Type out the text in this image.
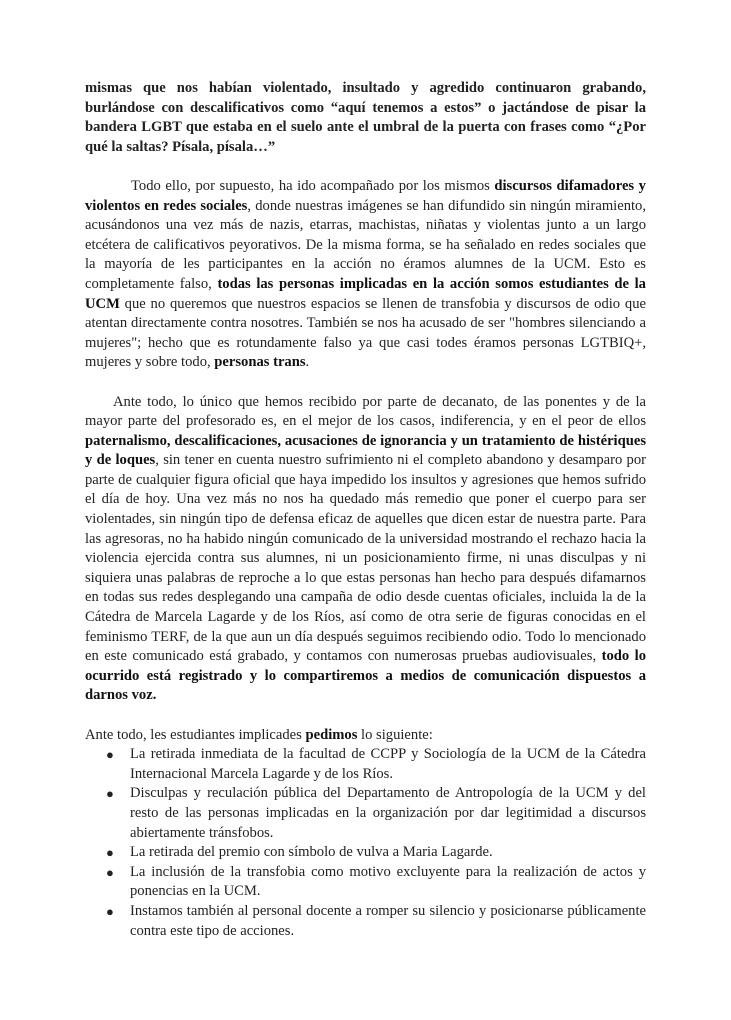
mismas que nos habían violentado, insultado y agredido continuaron grabando, burlándose con descalificativos como “aquí tenemos a estos” o jactándose de pisar la bandera LGBT que estaba en el suelo ante el umbral de la puerta con frases como “¿Por qué la saltas? Písala, písala…”

Todo ello, por supuesto, ha ido acompañado por los mismos discursos difamadores y violentos en redes sociales, donde nuestras imágenes se han difundido sin ningún miramiento, acusándonos una vez más de nazis, etarras, machistas, niñatas y violentas junto a un largo etcétera de calificativos peyorativos. De la misma forma, se ha señalado en redes sociales que la mayoría de les participantes en la acción no éramos alumnes de la UCM. Esto es completamente falso, todas las personas implicadas en la acción somos estudiantes de la UCM que no queremos que nuestros espacios se llenen de transfobia y discursos de odio que atentan directamente contra nosotres. También se nos ha acusado de ser "hombres silenciando a mujeres"; hecho que es rotundamente falso ya que casi todes éramos personas LGTBIQ+, mujeres y sobre todo, personas trans.

Ante todo, lo único que hemos recibido por parte de decanato, de las ponentes y de la mayor parte del profesorado es, en el mejor de los casos, indiferencia, y en el peor de ellos paternalismo, descalificaciones, acusaciones de ignorancia y un tratamiento de histériques y de loques, sin tener en cuenta nuestro sufrimiento ni el completo abandono y desamparo por parte de cualquier figura oficial que haya impedido los insultos y agresiones que hemos sufrido el día de hoy. Una vez más no nos ha quedado más remedio que poner el cuerpo para ser violentades, sin ningún tipo de defensa eficaz de aquelles que dicen estar de nuestra parte. Para las agresoras, no ha habido ningún comunicado de la universidad mostrando el rechazo hacia la violencia ejercida contra sus alumnes, ni un posicionamiento firme, ni unas disculpas y ni siquiera unas palabras de reproche a lo que estas personas han hecho para después difamarnos en todas sus redes desplegando una campaña de odio desde cuentas oficiales, incluida la de la Cátedra de Marcela Lagarde y de los Ríos, así como de otra serie de figuras conocidas en el feminismo TERF, de la que aun un día después seguimos recibiendo odio. Todo lo mencionado en este comunicado está grabado, y contamos con numerosas pruebas audiovisuales, todo lo ocurrido está registrado y lo compartiremos a medios de comunicación dispuestos a darnos voz.

Ante todo, les estudiantes implicades pedimos lo siguiente:

● La retirada inmediata de la facultad de CCPP y Sociología de la UCM de la Cátedra Internacional Marcela Lagarde y de los Ríos.
● Disculpas y reculación pública del Departamento de Antropología de la UCM y del resto de las personas implicadas en la organización por dar legitimidad a discursos abiertamente tránsfobos.
● La retirada del premio con símbolo de vulva a Maria Lagarde.
● La inclusión de la transfobia como motivo excluyente para la realización de actos y ponencias en la UCM.
● Instamos también al personal docente a romper su silencio y posicionarse públicamente contra este tipo de acciones.
